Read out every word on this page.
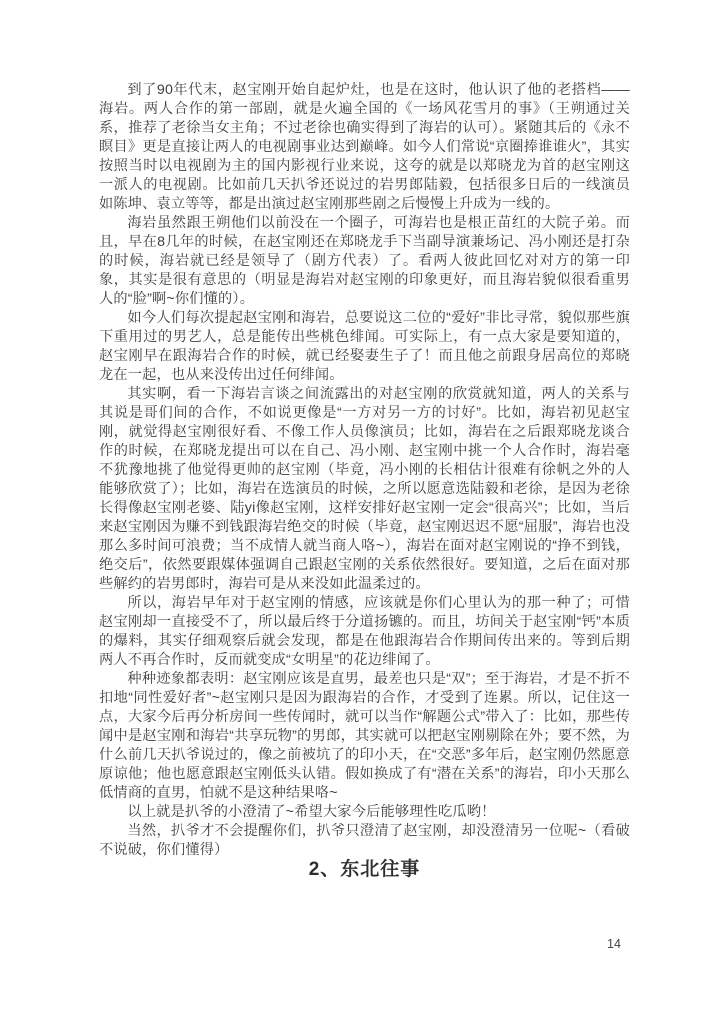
到了90年代末，赵宝刚开始自起炉灶，也是在这时，他认识了他的老搭档——海岩。两人合作的第一部剧，就是火遍全国的《一场风花雪月的事》（王朔通过关系，推荐了老徐当女主角；不过老徐也确实得到了海岩的认可）。紧随其后的《永不瞑目》更是直接让两人的电视剧事业达到巅峰。如今人们常说“京圈捧谁谁火”，其实按照当时以电视剧为主的国内影视行业来说，这夸的就是以郑晓龙为首的赵宝刚这一派人的电视剧。比如前几天扒爷还说过的岩男郎陆毅，包括很多日后的一线演员如陈坤、袁立等等，都是出演过赵宝刚那些剧之后慢慢上升成为一线的。

海岩虽然跟王朔他们以前没在一个圈子，可海岩也是根正苗红的大院子弟。而且，早在8几年的时候，在赵宝刚还在郑晓龙手下当副导演兼场记、冯小刚还是打杂的时候，海岩就已经是领导了（剧方代表）了。看两人彼此回忆对对方的第一印象，其实是很有意思的（明显是海岩对赵宝刚的印象更好，而且海岩貌似很看重男人的“脸”啊~你们懂的）。

如今人们每次提起赵宝刚和海岩，总要说这二位的“爱好”非比寻常，貌似那些旗下重用过的男艺人，总是能传出些桃色绯闻。可实际上，有一点大家是要知道的，赵宝刚早在跟海岩合作的时候，就已经娶妻生子了！而且他之前跟身居高位的郑晓龙在一起，也从来没传出过任何绯闻。

其实啊，看一下海岩言谈之间流露出的对赵宝刚的欣赏就知道，两人的关系与其说是哥们间的合作，不如说更像是“一方对另一方的讨好”。比如，海岩初见赵宝刚，就觉得赵宝刚很好看、不像工作人员像演员；比如，海岩在之后跟郑晓龙谈合作的时候，在郑晓龙提出可以在自己、冯小刚、赵宝刚中挑一个人合作时，海岩毫不犹豫地挑了他觉得更帅的赵宝刚（毕竟，冯小刚的长相估计很难有徐帆之外的人能够欣赏了）；比如，海岩在选演员的时候，之所以愿意选陆毅和老徐，是因为老徐长得像赵宝刚老婆、陆yi像赵宝刚，这样安排好赵宝刚一定会“很高兴”；比如，当后来赵宝刚因为赚不到钱跟海岩绝交的时候（毕竟，赵宝刚迟迟不愿“屈服”，海岩也没那么多时间可浪费；当不成情人就当商人咯~），海岩在面对赵宝刚说的“挣不到钱，绝交后”，依然要跟媒体强调自己跟赵宝刚的关系依然很好。要知道，之后在面对那些解约的岩男郎时，海岩可是从来没如此温柔过的。

所以，海岩早年对于赵宝刚的情感，应该就是你们心里认为的那一种了；可惜赵宝刚却一直接受不了，所以最后终于分道扬镳的。而且，坊间关于赵宝刚“钙”本质的爆料，其实仔细观察后就会发现，都是在他跟海岩合作期间传出来的。等到后期两人不再合作时，反而就变成“女明星”的花边绯闻了。

种种迹象都表明：赵宝刚应该是直男，最差也只是“双”；至于海岩，才是不折不扣地“同性爱好者”~赵宝刚只是因为跟海岩的合作，才受到了连累。所以，记住这一点，大家今后再分析房间一些传闻时，就可以当作“解题公式”带入了：比如，那些传闻中是赵宝刚和海岩“共享玩物”的男郎，其实就可以把赵宝刚剔除在外；要不然，为什么前几天扒爷说过的，像之前被坑了的印小天，在“交恶”多年后，赵宝刚仍然愿意原谅他；他也愿意跟赵宝刚低头认错。假如换成了有“潜在关系”的海岩，印小天那么低情商的直男，怕就不是这种结果咯~

以上就是扒爷的小澄清了~希望大家今后能够理性吃瓜哟！

当然，扒爷才不会提醒你们，扒爷只澄清了赵宝刚，却没澄清另一位呢~（看破不说破，你们懂得）

2、东北往事

14
